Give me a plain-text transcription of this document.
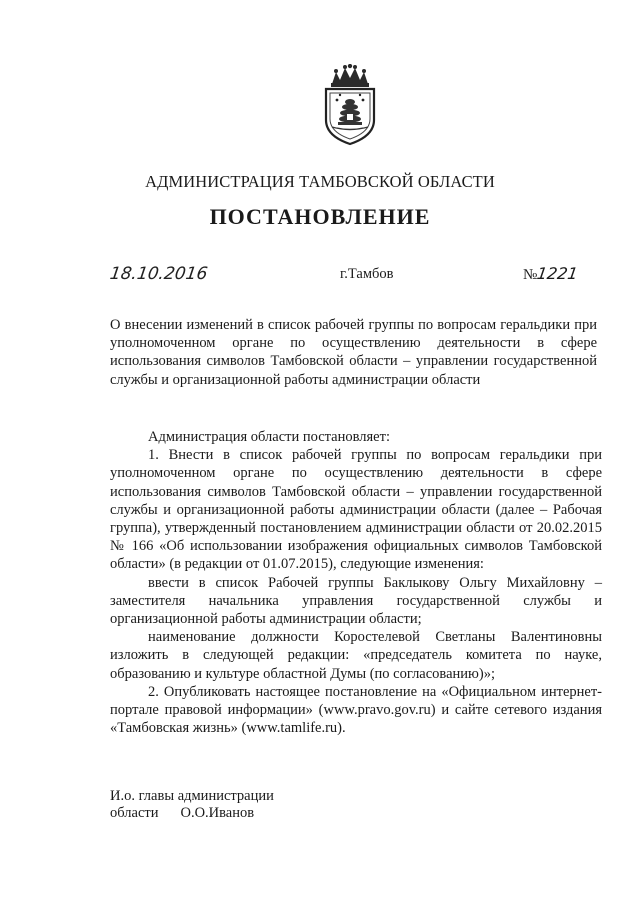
АДМИНИСТРАЦИЯ ТАМБОВСКОЙ ОБЛАСТИ
ПОСТАНОВЛЕНИЕ
18.10.2016	г.Тамбов	№1221
О внесении изменений в список рабочей группы по вопросам геральдики при уполномоченном органе по осуществлению деятельности в сфере использования символов Тамбовской области – управлении государственной службы и организационной работы администрации области

Администрация области постановляет:

1. Внести в список рабочей группы по вопросам геральдики при уполномоченном органе по осуществлению деятельности в сфере использования символов Тамбовской области – управлении государственной службы и организационной работы администрации области (далее – Рабочая группа), утвержденный постановлением администрации области от 20.02.2015 № 166 «Об использовании изображения официальных символов Тамбовской области» (в редакции от 01.07.2015), следующие изменения:

ввести в список Рабочей группы Баклыкову Ольгу Михайловну – заместителя начальника управления государственной службы и организационной работы администрации области;

наименование должности Коростелевой Светланы Валентиновны изложить в следующей редакции: «председатель комитета по науке, образованию и культуре областной Думы (по согласованию)»;

2. Опубликовать настоящее постановление на «Официальном интернет-портале правовой информации» (www.pravo.gov.ru) и сайте сетевого издания «Тамбовская жизнь» (www.tamlife.ru).

И.о. главы администрации
области О.О.Иванов
